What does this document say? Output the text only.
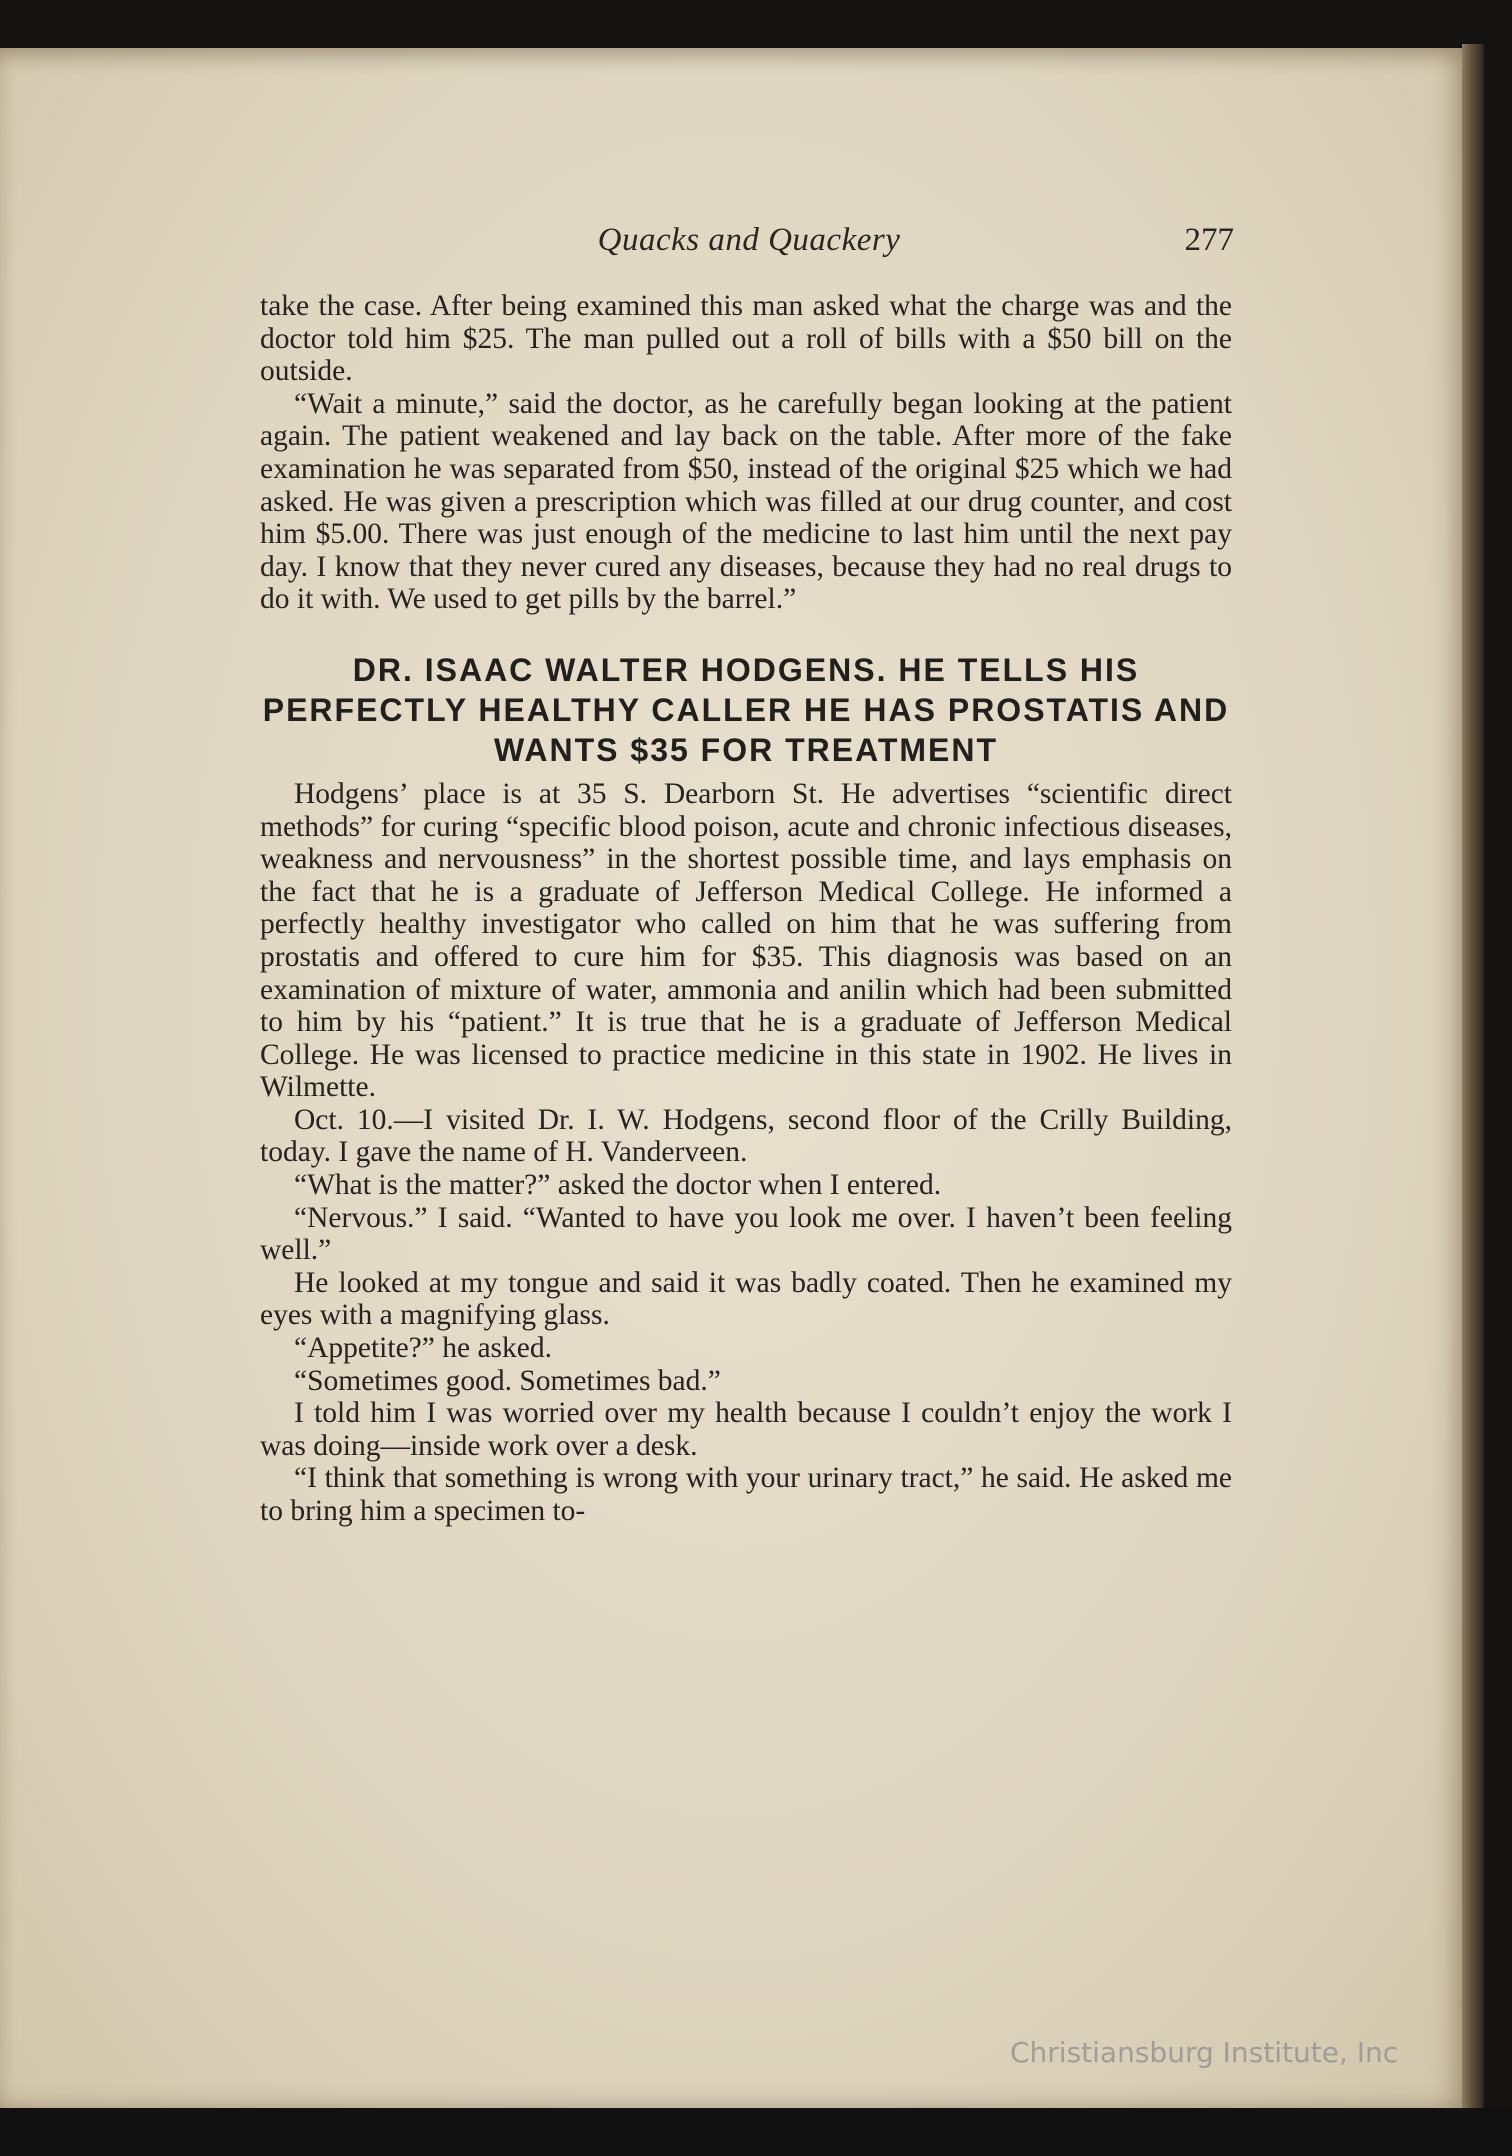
Quacks and Quackery	277

take the case. After being examined this man asked what the charge was and the doctor told him $25. The man pulled out a roll of bills with a $50 bill on the outside.

“Wait a minute,” said the doctor, as he carefully began looking at the patient again. The patient weakened and lay back on the table. After more of the fake examination he was separated from $50, instead of the original $25 which we had asked. He was given a prescription which was filled at our drug counter, and cost him $5.00. There was just enough of the medicine to last him until the next pay day. I know that they never cured any diseases, because they had no real drugs to do it with. We used to get pills by the barrel.”

DR. ISAAC WALTER HODGENS. HE TELLS HIS PERFECTLY HEALTHY CALLER HE HAS PROSTATIS AND WANTS $35 FOR TREATMENT

Hodgens’ place is at 35 S. Dearborn St. He advertises “scientific direct methods” for curing “specific blood poison, acute and chronic infectious diseases, weakness and nervousness” in the shortest possible time, and lays emphasis on the fact that he is a graduate of Jefferson Medical College. He informed a perfectly healthy investigator who called on him that he was suffering from prostatis and offered to cure him for $35. This diagnosis was based on an examination of mixture of water, ammonia and anilin which had been submitted to him by his “patient.” It is true that he is a graduate of Jefferson Medical College. He was licensed to practice medicine in this state in 1902. He lives in Wilmette.

Oct. 10.—I visited Dr. I. W. Hodgens, second floor of the Crilly Building, today. I gave the name of H. Vanderveen.

“What is the matter?” asked the doctor when I entered.

“Nervous.” I said. “Wanted to have you look me over. I haven’t been feeling well.”

He looked at my tongue and said it was badly coated. Then he examined my eyes with a magnifying glass.

“Appetite?” he asked.

“Sometimes good. Sometimes bad.”

I told him I was worried over my health because I couldn’t enjoy the work I was doing—inside work over a desk.

“I think that something is wrong with your urinary tract,” he said. He asked me to bring him a specimen to-

Christiansburg Institute, Inc
